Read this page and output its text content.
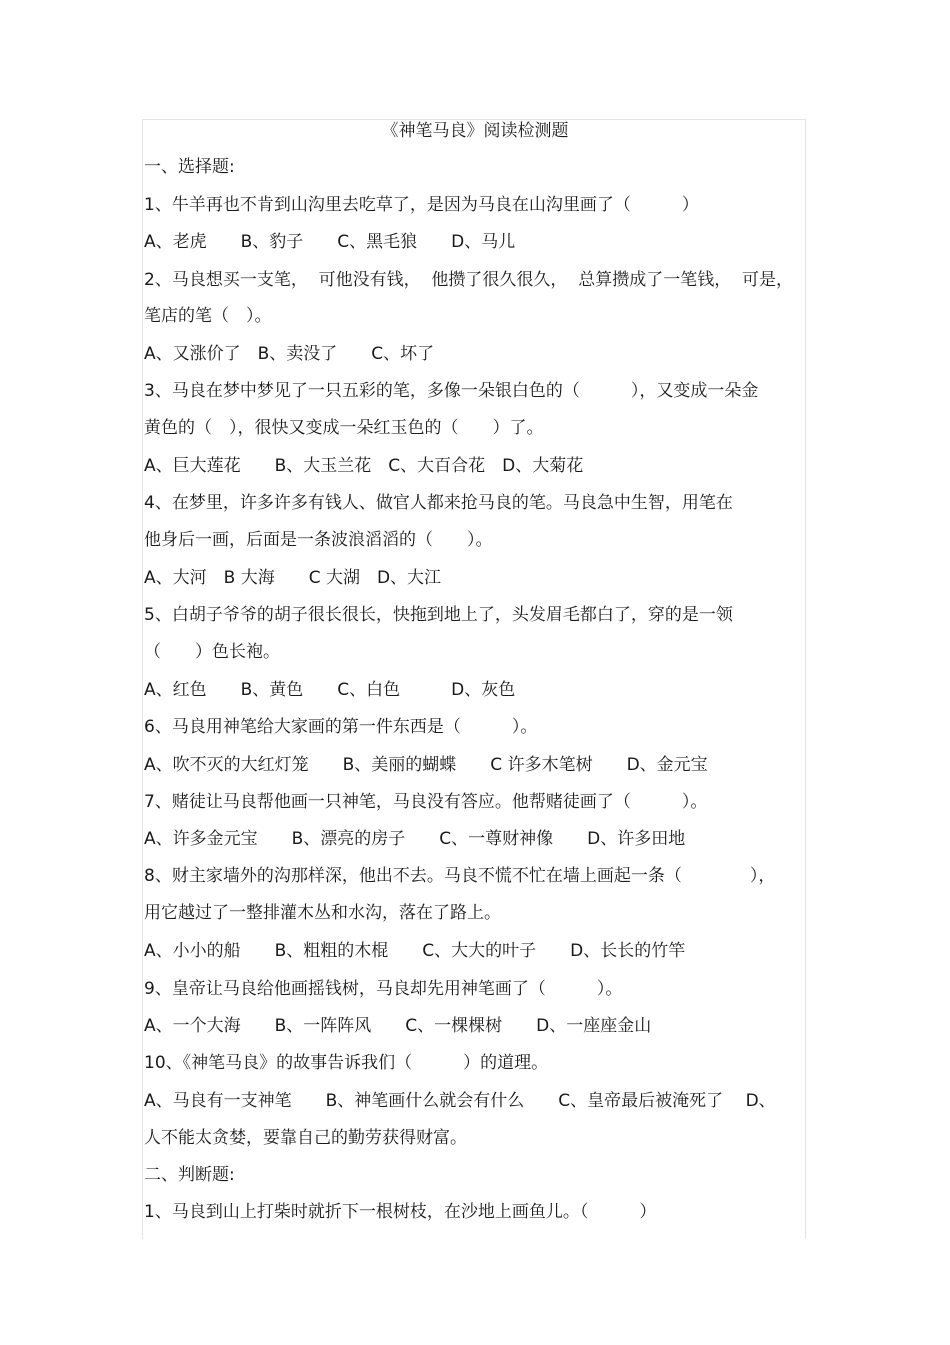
《神笔马良》阅读检测题
一、选择题:
1、牛羊再也不肯到山沟里去吃草了，是因为马良在山沟里画了（　　　）
A、老虎　　B、豹子　　C、黑毛狼　　D、马儿
2、马良想买一支笔，  可他没有钱，  他攒了很久很久，  总算攒成了一笔钱，  可是，
笔店的笔（　）。
A、又涨价了　B、卖没了　　C、坏了
3、马良在梦中梦见了一只五彩的笔，多像一朵银白色的（　　　），又变成一朵金
黄色的（　），很快又变成一朵红玉色的（　　）了。
A、巨大莲花　　B、大玉兰花　C、大百合花　D、大菊花
4、在梦里，许多许多有钱人、做官人都来抢马良的笔。马良急中生智，用笔在
他身后一画，后面是一条波浪滔滔的（　　）。
A、大河　B 大海　　C 大湖　D、大江
5、白胡子爷爷的胡子很长很长，快拖到地上了，头发眉毛都白了，穿的是一领
（　　）色长袍。
A、红色　　B、黄色　　C、白色　　　D、灰色
6、马良用神笔给大家画的第一件东西是（　　　）。
A、吹不灭的大红灯笼　　B、美丽的蝴蝶　　C 许多木笔树　　D、金元宝
7、赌徒让马良帮他画一只神笔，马良没有答应。他帮赌徒画了（　　　）。
A、许多金元宝　　B、漂亮的房子　　C、一尊财神像　　D、许多田地
8、财主家墙外的沟那样深，他出不去。马良不慌不忙在墙上画起一条（　　　　），
用它越过了一整排灌木丛和水沟，落在了路上。
A、小小的船　　B、粗粗的木棍　　C、大大的叶子　　D、长长的竹竿
9、皇帝让马良给他画摇钱树，马良却先用神笔画了（　　　）。
A、一个大海　　B、一阵阵风　　C、一棵棵树　　D、一座座金山
10、《神笔马良》的故事告诉我们（　　　）的道理。
A、马良有一支神笔　　B、神笔画什么就会有什么　　C、皇帝最后被淹死了　 D、
人不能太贪婪，要靠自己的勤劳获得财富。
二、判断题:
1、马良到山上打柴时就折下一根树枝，在沙地上画鱼儿。（　　　）
